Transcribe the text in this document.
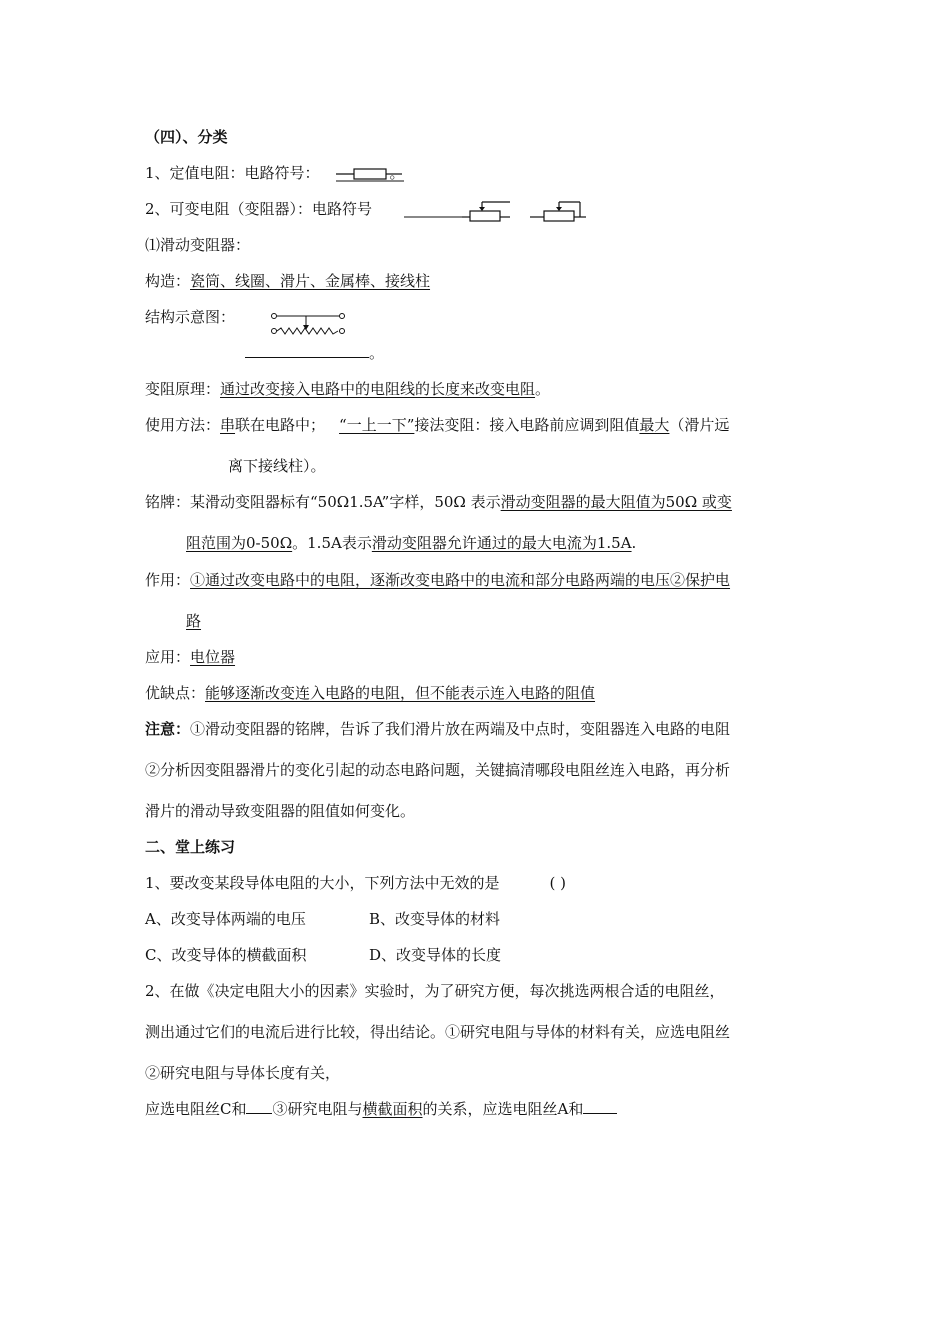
（四）、分类
1、定值电阻：电路符号：	。
2、可变电阻（变阻器）：电路符号
⑴滑动变阻器：
构造：瓷筒、线圈、滑片、金属棒、接线柱
结构示意图：
。
变阻原理：通过改变接入电路中的电阻线的长度来改变电阻。
使用方法：串联在电路中； “一上一下”接法变阻：接入电路前应调到阻值最大（滑片远
离下接线柱）。
铭牌：某滑动变阻器标有“50Ω1.5A”字样，50Ω 表示滑动变阻器的最大阻值为50Ω 或变
阻范围为0-50Ω。1.5A表示滑动变阻器允许通过的最大电流为1.5A.
作用：①通过改变电路中的电阻，逐渐改变电路中的电流和部分电路两端的电压②保护电
路
应用：电位器
优缺点：能够逐渐改变连入电路的电阻，但不能表示连入电路的阻值
注意：①滑动变阻器的铭牌，告诉了我们滑片放在两端及中点时，变阻器连入电路的电阻
②分析因变阻器滑片的变化引起的动态电路问题，关键搞清哪段电阻丝连入电路，再分析
滑片的滑动导致变阻器的阻值如何变化。
二、堂上练习
1、要改变某段导体电阻的大小，下列方法中无效的是	( )
A、改变导体两端的电压	B、改变导体的材料
C、改变导体的横截面积	D、改变导体的长度
2、在做《决定电阻大小的因素》实验时，为了研究方便，每次挑选两根合适的电阻丝，
测出通过它们的电流后进行比较，得出结论。①研究电阻与导体的材料有关，应选电阻丝
②研究电阻与导体长度有关，
应选电阻丝C和 ③研究电阻与横截面积的关系，应选电阻丝A和
